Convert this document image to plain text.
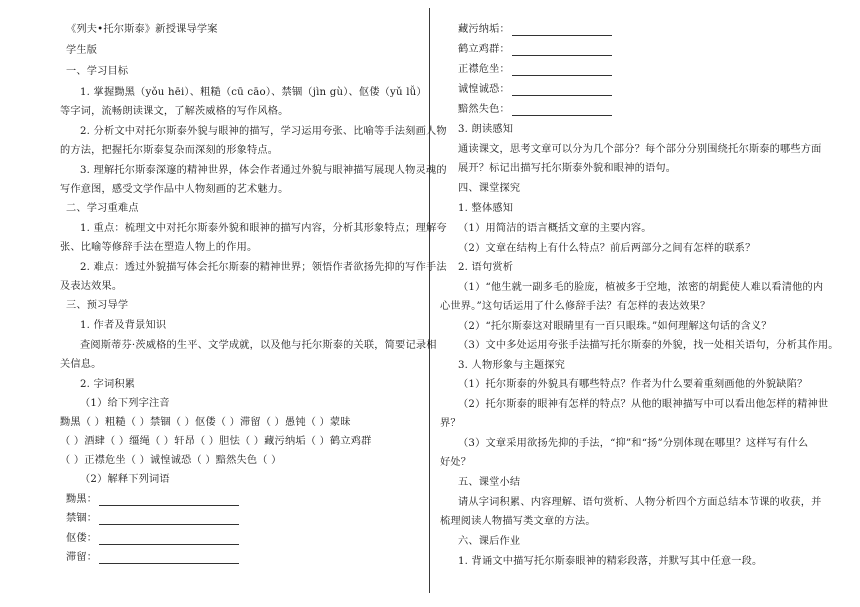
《列夫•托尔斯泰》新授课导学案
学生版
一、学习目标
1. 掌握黝黑（yǒu hēi）、粗糙（cū cāo）、禁锢（jìn gù）、伛偻（yǔ lǚ）
等字词，流畅朗读课文，了解茨威格的写作风格。
2. 分析文中对托尔斯泰外貌与眼神的描写，学习运用夸张、比喻等手法刻画人物
的方法，把握托尔斯泰复杂而深刻的形象特点。
3. 理解托尔斯泰深邃的精神世界，体会作者通过外貌与眼神描写展现人物灵魂的
写作意图，感受文学作品中人物刻画的艺术魅力。
二、学习重难点
1. 重点：梳理文中对托尔斯泰外貌和眼神的描写内容，分析其形象特点；理解夸
张、比喻等修辞手法在塑造人物上的作用。
2. 难点：透过外貌描写体会托尔斯泰的精神世界；领悟作者欲扬先抑的写作手法
及表达效果。
三、预习导学
1. 作者及背景知识
查阅斯蒂芬·茨威格的生平、文学成就，以及他与托尔斯泰的关联，简要记录相
关信息。
2. 字词积累
（1）给下列字注音
黝黑（ ）粗糙（ ）禁锢（ ）伛偻（ ）滞留（ ）愚钝（ ）蒙昧
（ ）酒肆（ ）缰绳（ ）轩昂（ ）胆怯（ ）藏污纳垢（ ）鹤立鸡群
（ ）正襟危坐（ ）诚惶诚恐（ ）黯然失色（ ）
（2）解释下列词语
黝黑：
禁锢：
伛偻：
滞留：
藏污纳垢：
鹤立鸡群：
正襟危坐：
诚惶诚恐：
黯然失色：
3. 朗读感知
通读课文，思考文章可以分为几个部分？每个部分分别围绕托尔斯泰的哪些方面
展开？标记出描写托尔斯泰外貌和眼神的语句。
四、课堂探究
1. 整体感知
（1）用简洁的语言概括文章的主要内容。
（2）文章在结构上有什么特点？前后两部分之间有怎样的联系？
2. 语句赏析
（1）“他生就一副多毛的脸庞，植被多于空地，浓密的胡髭使人难以看清他的内
心世界。”这句话运用了什么修辞手法？有怎样的表达效果？
（2）“托尔斯泰这对眼睛里有一百只眼珠。”如何理解这句话的含义？
（3）文中多处运用夸张手法描写托尔斯泰的外貌，找一处相关语句，分析其作用。
3. 人物形象与主题探究
（1）托尔斯泰的外貌具有哪些特点？作者为什么要着重刻画他的外貌缺陷？
（2）托尔斯泰的眼神有怎样的特点？从他的眼神描写中可以看出他怎样的精神世
界？
（3）文章采用欲扬先抑的手法，“抑”和“扬”分别体现在哪里？这样写有什么
好处？
五、课堂小结
请从字词积累、内容理解、语句赏析、人物分析四个方面总结本节课的收获，并
梳理阅读人物描写类文章的方法。
六、课后作业
1. 背诵文中描写托尔斯泰眼神的精彩段落，并默写其中任意一段。
